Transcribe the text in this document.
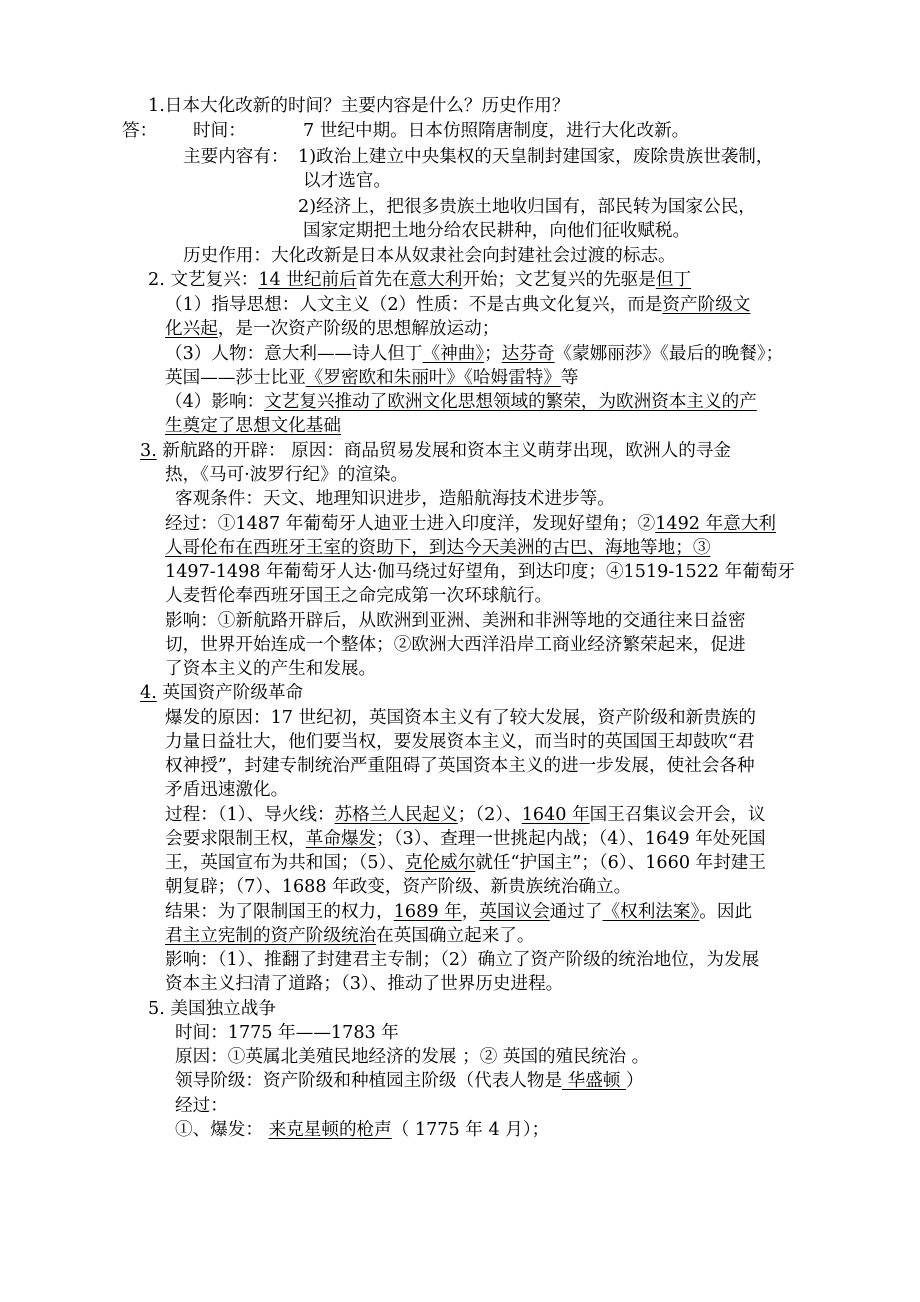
1.日本大化改新的时间？主要内容是什么？历史作用？
答： 时间：	7 世纪中期。日本仿照隋唐制度，进行大化改新。
主要内容有： 1)政治上建立中央集权的天皇制封建国家，废除贵族世袭制，
以才选官。
2)经济上，把很多贵族土地收归国有，部民转为国家公民，
国家定期把土地分给农民耕种，向他们征收赋税。
历史作用：大化改新是日本从奴隶社会向封建社会过渡的标志。
2. 文艺复兴：14 世纪前后首先在意大利开始；文艺复兴的先驱是但丁
（1）指导思想：人文主义（2）性质：不是古典文化复兴，而是资产阶级文
化兴起，是一次资产阶级的思想解放运动；
（3）人物：意大利——诗人但丁《神曲》；达芬奇《蒙娜丽莎》《最后的晚餐》；
英国——莎士比亚《罗密欧和朱丽叶》《哈姆雷特》等
（4）影响：文艺复兴推动了欧洲文化思想领域的繁荣，为欧洲资本主义的产
生奠定了思想文化基础
3. 新航路的开辟： 原因：商品贸易发展和资本主义萌芽出现，欧洲人的寻金
热，《马可·波罗行纪》的渲染。
客观条件：天文、地理知识进步，造船航海技术进步等。
经过：①1487 年葡萄牙人迪亚士进入印度洋，发现好望角；②1492 年意大利
人哥伦布在西班牙王室的资助下，到达今天美洲的古巴、海地等地；③
1497-1498 年葡萄牙人达·伽马绕过好望角，到达印度；④1519-1522 年葡萄牙
人麦哲伦奉西班牙国王之命完成第一次环球航行。
影响：①新航路开辟后，从欧洲到亚洲、美洲和非洲等地的交通往来日益密
切，世界开始连成一个整体；②欧洲大西洋沿岸工商业经济繁荣起来，促进
了资本主义的产生和发展。
4. 英国资产阶级革命
爆发的原因：17 世纪初，英国资本主义有了较大发展，资产阶级和新贵族的
力量日益壮大，他们要当权，要发展资本主义，而当时的英国国王却鼓吹“君
权神授”，封建专制统治严重阻碍了英国资本主义的进一步发展，使社会各种
矛盾迅速激化。
过程：（1）、导火线：苏格兰人民起义；（2）、1640 年国王召集议会开会，议
会要求限制王权，革命爆发；（3）、查理一世挑起内战；（4）、1649 年处死国
王，英国宣布为共和国；（5）、克伦威尔就任“护国主”；（6）、1660 年封建王
朝复辟；（7）、1688 年政变，资产阶级、新贵族统治确立。
结果：为了限制国王的权力，1689 年，英国议会通过了《权利法案》。因此
君主立宪制的资产阶级统治在英国确立起来了。
影响：（1）、推翻了封建君主专制；（2）确立了资产阶级的统治地位，为发展
资本主义扫清了道路；（3）、推动了世界历史进程。
5. 美国独立战争
时间：1775 年——1783 年
原因：①英属北美殖民地经济的发展 ；② 英国的殖民统治 。
领导阶级：资产阶级和种植园主阶级（代表人物是 华盛顿 ）
经过：
①、爆发： 来克星顿的枪声（ 1775 年 4 月）；
